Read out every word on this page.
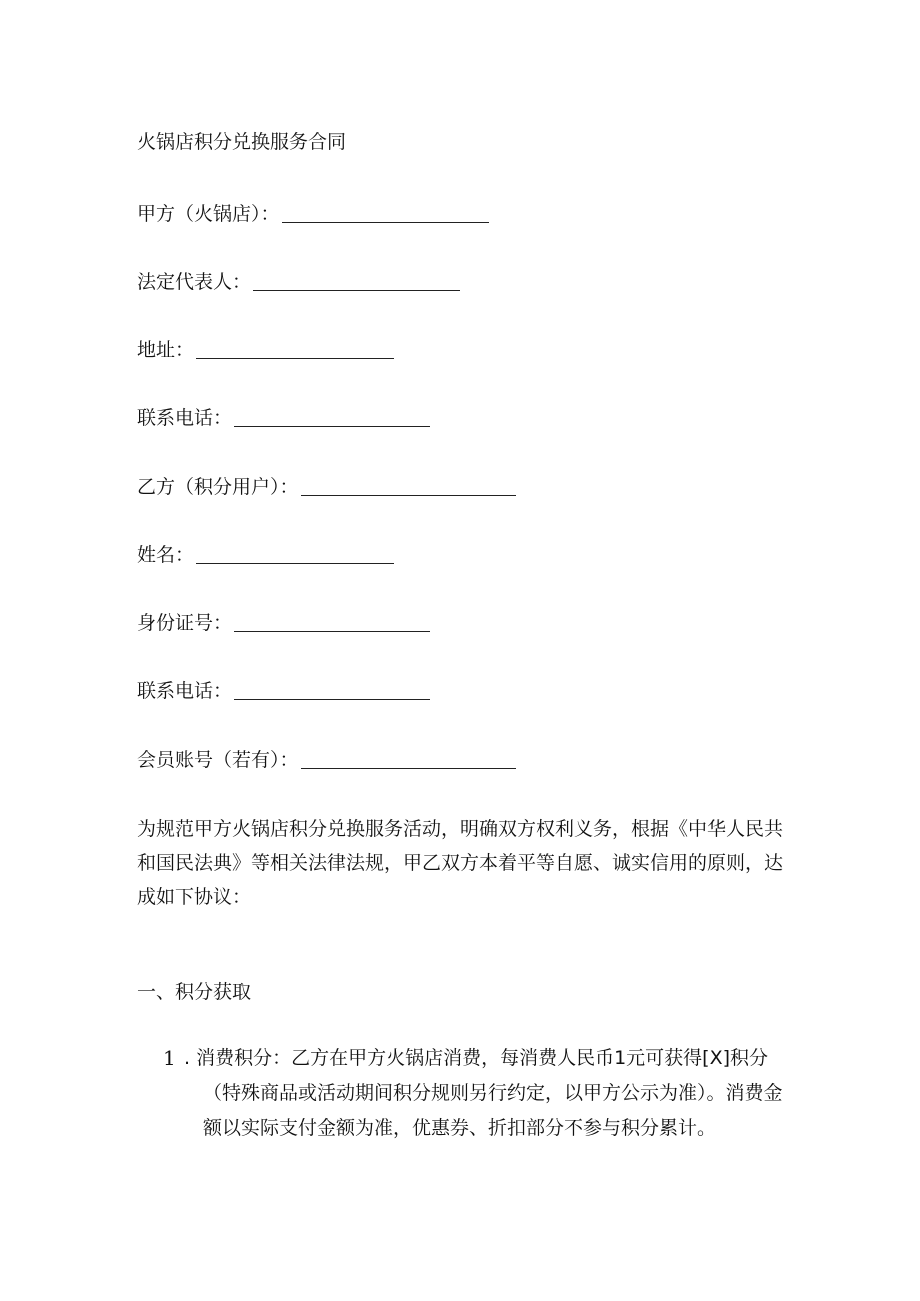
火锅店积分兑换服务合同
甲方（火锅店）：
法定代表人：
地址：
联系电话：
乙方（积分用户）：
姓名：
身份证号：
联系电话：
会员账号（若有）：

为规范甲方火锅店积分兑换服务活动，明确双方权利义务，根据《中华人民共

和国民法典》等相关法律法规，甲乙双方本着平等自愿、诚实信用的原则，达

成如下协议：

一、积分获取
1 . 消费积分：乙方在甲方火锅店消费，每消费人民币1元可获得[X]积分

（特殊商品或活动期间积分规则另行约定，以甲方公示为准）。消费金

额以实际支付金额为准，优惠券、折扣部分不参与积分累计。
